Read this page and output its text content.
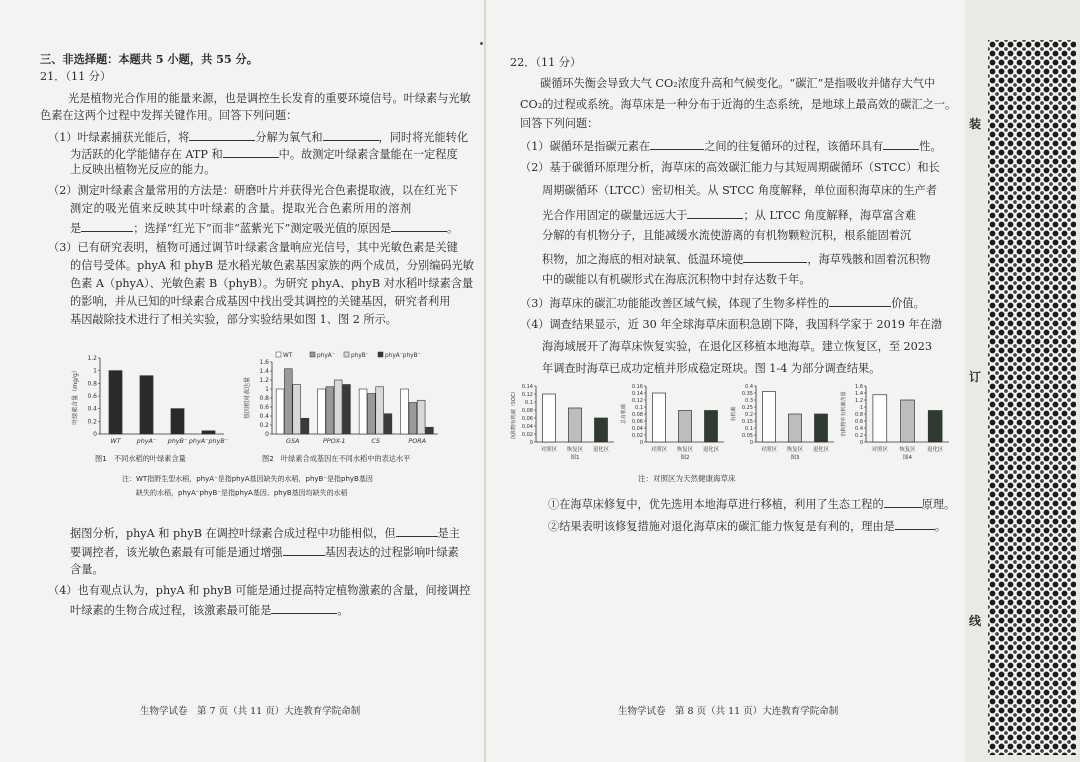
三、非选择题：本题共 5 小题，共 55 分。
21．（11 分）
光是植物光合作用的能量来源，也是调控生长发育的重要环境信号。叶绿素与光敏
色素在这两个过程中发挥关键作用。回答下列问题：
（1）叶绿素捕获光能后，将	分解为氧气和	，同时将光能转化
为活跃的化学能储存在 ATP 和	中。故测定叶绿素含量能在一定程度
上反映出植物光反应的能力。
（2）测定叶绿素含量常用的方法是：研磨叶片并获得光合色素提取液，以在红光下
测定的吸光值来反映其中叶绿素的含量。提取光合色素所用的溶剂
是	；选择“红光下”而非“蓝紫光下”测定吸光值的原因是	。
（3）已有研究表明，植物可通过调节叶绿素含量响应光信号，其中光敏色素是关键
的信号受体。phyA 和 phyB 是水稻光敏色素基因家族的两个成员，分别编码光敏
色素 A（phyA）、光敏色素 B（phyB）。为研究 phyA、phyB 对水稻叶绿素含量
的影响，并从已知的叶绿素合成基因中找出受其调控的关键基因，研究者利用
基因敲除技术进行了相关实验，部分实验结果如图 1、图 2 所示。
0
0.2
0.4
0.6
0.8
1
1.2
叶绿素含量（mg/g）
WT	phyA⁻ phyB⁻ phyA⁻phyB⁻
图1　不同水稻的叶绿素含量
0
0.2
0.4
0.6
0.8
1
1.2
1.4
1.6
基因相对表达量
WT	phyA⁻	phyB⁻	phyA⁻phyB⁻
GSA	PPOX-1	CS	PORA
图2　叶绿素合成基因在不同水稻中的表达水平
注：WT指野生型水稻，phyA⁻是指phyA基因缺失的水稻，phyB⁻是指phyB基因
缺失的水稻，phyA⁻phyB⁻是指phyA基因、phyB基因均缺失的水稻
据图分析，phyA 和 phyB 在调控叶绿素合成过程中功能相似，但	是主
要调控者，该光敏色素最有可能是通过增强	基因表达的过程影响叶绿素
含量。
（4）也有观点认为，phyA 和 phyB 可能是通过提高特定植物激素的含量，间接调控
叶绿素的生物合成过程，该激素最可能是	。
生物学试卷　第 7 页（共 11 页）大连教育学院命制
22．（11 分）
碳循环失衡会导致大气 CO₂浓度升高和气候变化。“碳汇”是指吸收并储存大气中
CO₂的过程或系统。海草床是一种分布于近海的生态系统，是地球上最高效的碳汇之一。
回答下列问题：
（1）碳循环是指碳元素在	之间的往复循环的过程，该循环具有	性。
（2）基于碳循环原理分析，海草床的高效碳汇能力与其短周期碳循环（STCC）和长
周期碳循环（LTCC）密切相关。从 STCC 角度解释，单位面积海草床的生产者
光合作用固定的碳量远远大于	；从 LTCC 角度解释，海草富含难
分解的有机物分子，且能减缓水流使游离的有机物颗粒沉积，根系能固着沉
积物，加之海底的相对缺氧、低温环境使	，海草残骸和固着沉积物
中的碳能以有机碳形式在海底沉积物中封存达数千年。
（3）海草床的碳汇功能能改善区域气候，体现了生物多样性的	价值。
（4）调查结果显示，近 30 年全球海草床面积急剧下降，我国科学家于 2019 年在渤
海海域展开了海草床恢复实验，在退化区移植本地海草。建立恢复区，至 2023
年调查时海草已成功定植并形成稳定斑块。图 1-4 为部分调查结果。
0
0.02
0.04
0.06
0.08
0.1
0.12
0.14
沉积物有机碳（SOC）
对照区 恢复区 退化区
图1
0
0.02
0.04
0.06
0.08
0.1
0.12
0.14
0.16
总有机碳
对照区 恢复区 退化区
图2
0
0.05
0.1
0.15
0.2
0.25
0.3
0.35
0.4
有机碳
对照区 恢复区 退化区
图3
0
0.2
0.4
0.6
0.8
1
1.2
1.4
1.6
沉积物中有机碳含量
对照区 恢复区 退化区
图4
注：对照区为天然健康海草床
①在海草床修复中，优先选用本地海草进行移植，利用了生态工程的	原理。
②结果表明该修复措施对退化海草床的碳汇能力恢复是有利的，理由是	。
生物学试卷　第 8 页（共 11 页）大连教育学院命制
装
订
线
